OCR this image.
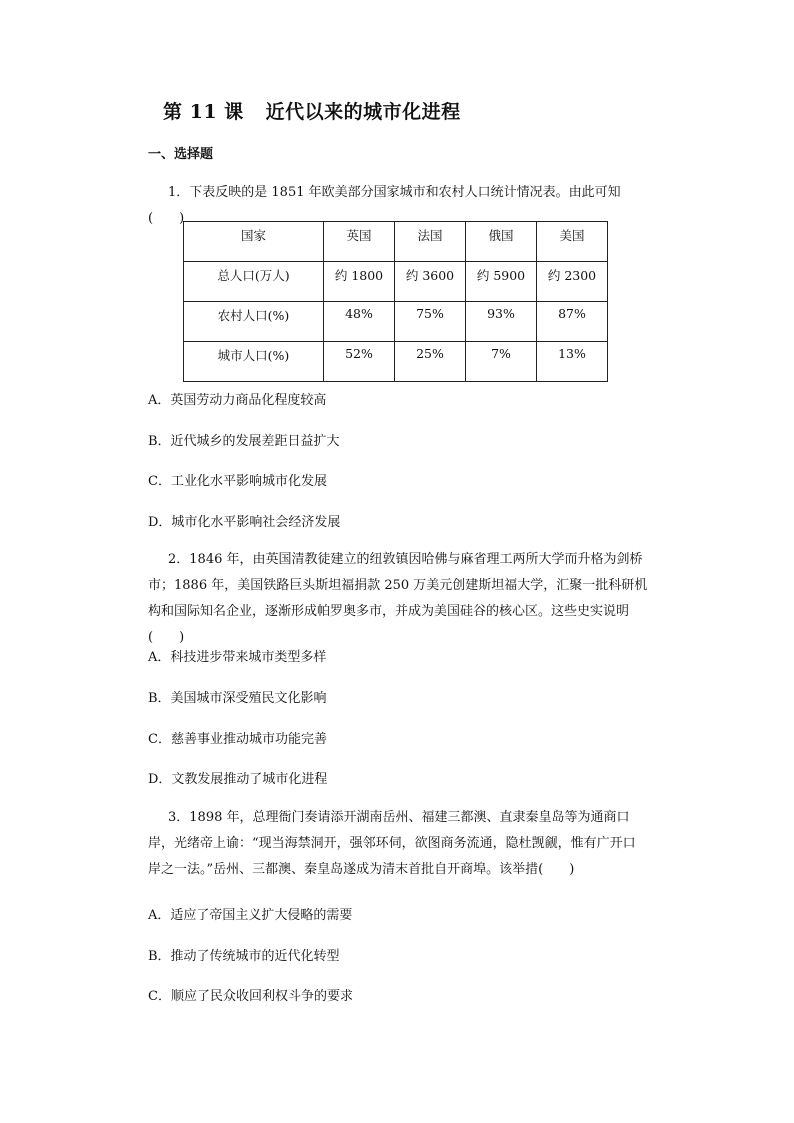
第 11 课 近代以来的城市化进程
一、选择题
1．下表反映的是 1851 年欧美部分国家城市和农村人口统计情况表。由此可知(　　)
国家	英国	法国	俄国	美国
总人口(万人)	约 1800	约 3600	约 5900	约 2300
农村人口(%)	48%	75%	93%	87%
城市人口(%)	52%	25%	7%	13%
A．英国劳动力商品化程度较高
B．近代城乡的发展差距日益扩大
C．工业化水平影响城市化发展
D．城市化水平影响社会经济发展
2．1846 年，由英国清教徒建立的纽敦镇因哈佛与麻省理工两所大学而升格为剑桥市；1886 年，美国铁路巨头斯坦福捐款 250 万美元创建斯坦福大学，汇聚一批科研机构和国际知名企业，逐渐形成帕罗奥多市，并成为美国硅谷的核心区。这些史实说明(　　)
A．科技进步带来城市类型多样
B．美国城市深受殖民文化影响
C．慈善事业推动城市功能完善
D．文教发展推动了城市化进程
3．1898 年，总理衙门奏请添开湖南岳州、福建三都澳、直隶秦皇岛等为通商口岸，光绪帝上谕：“现当海禁洞开，强邻环伺，欲图商务流通，隐杜觊觎，惟有广开口岸之一法。”岳州、三都澳、秦皇岛遂成为清末首批自开商埠。该举措(　　)
A．适应了帝国主义扩大侵略的需要
B．推动了传统城市的近代化转型
C．顺应了民众收回利权斗争的要求
